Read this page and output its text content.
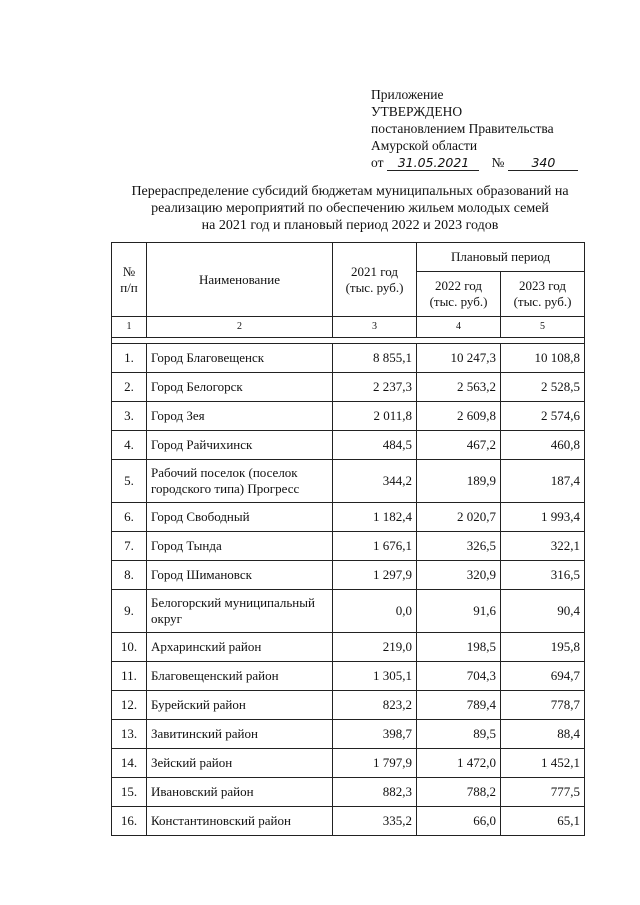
Приложение
УТВЕРЖДЕНО
постановлением Правительства
Амурской области
от 31.05.2021 № 340
Перераспределение субсидий бюджетам муниципальных образований на
реализацию мероприятий по обеспечению жильем молодых семей
на 2021 год и плановый период 2022 и 2023 годов
№ п/п	Наименование	2021 год (тыс. руб.)	Плановый период	
			2022 год (тыс. руб.)	2023 год (тыс. руб.)
1	2	3	4	5

1.	Город Благовещенск	8 855,1	10 247,3	10 108,8
2.	Город Белогорск	2 237,3	2 563,2	2 528,5
3.	Город Зея	2 011,8	2 609,8	2 574,6
4.	Город Райчихинск	484,5	467,2	460,8
5.	Рабочий поселок (поселок городского типа) Прогресс	344,2	189,9	187,4
6.	Город Свободный	1 182,4	2 020,7	1 993,4
7.	Город Тында	1 676,1	326,5	322,1
8.	Город Шимановск	1 297,9	320,9	316,5
9.	Белогорский муниципальный округ	0,0	91,6	90,4
10.	Архаринский район	219,0	198,5	195,8
11.	Благовещенский район	1 305,1	704,3	694,7
12.	Бурейский район	823,2	789,4	778,7
13.	Завитинский район	398,7	89,5	88,4
14.	Зейский район	1 797,9	1 472,0	1 452,1
15.	Ивановский район	882,3	788,2	777,5
16.	Константиновский район	335,2	66,0	65,1
